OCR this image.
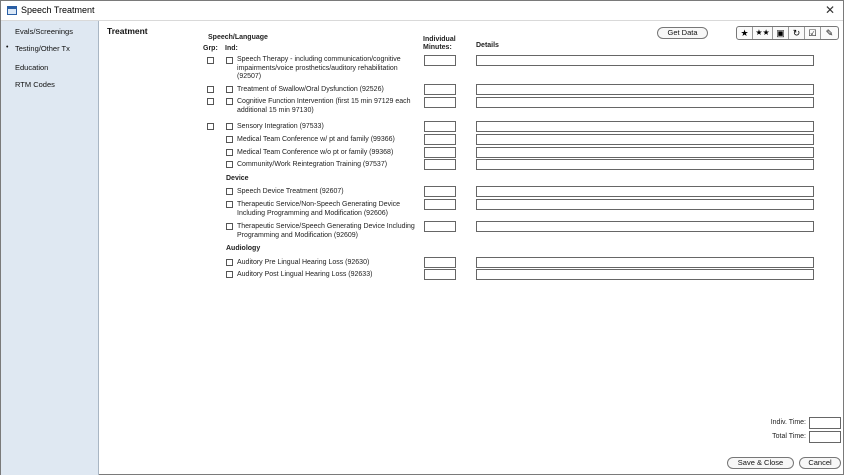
Speech Treatment	✕
Evals/Screenings
• Testing/Other Tx
Education
RTM Codes
Treatment
Speech/Language
Grp: Ind:
Individual
Minutes:	Details
Get Data	★ ★★ ▣ ↻ ☑	✎
Speech Therapy - including communication/cognitive impairments/voice prosthetics/auditory rehabilitation (92507)
Treatment of Swallow/Oral Dysfunction (92526)
Cognitive Function Intervention (first 15 min 97129 each additional 15 min 97130)
Sensory Integration (97533)
Medical Team Conference w/ pt and family (99366)
Medical Team Conference w/o pt or family (99368)
Community/Work Reintegration Training (97537)
Device
Speech Device Treatment (92607)
Therapeutic Service/Non-Speech Generating Device Including Programming and Modification (92606)
Therapeutic Service/Speech Generating Device Including Programming and Modification (92609)
Audiology
Auditory Pre Lingual Hearing Loss (92630)
Auditory Post Lingual Hearing Loss (92633)
Indiv. Time:
Total Time:
Save & Close	Cancel
